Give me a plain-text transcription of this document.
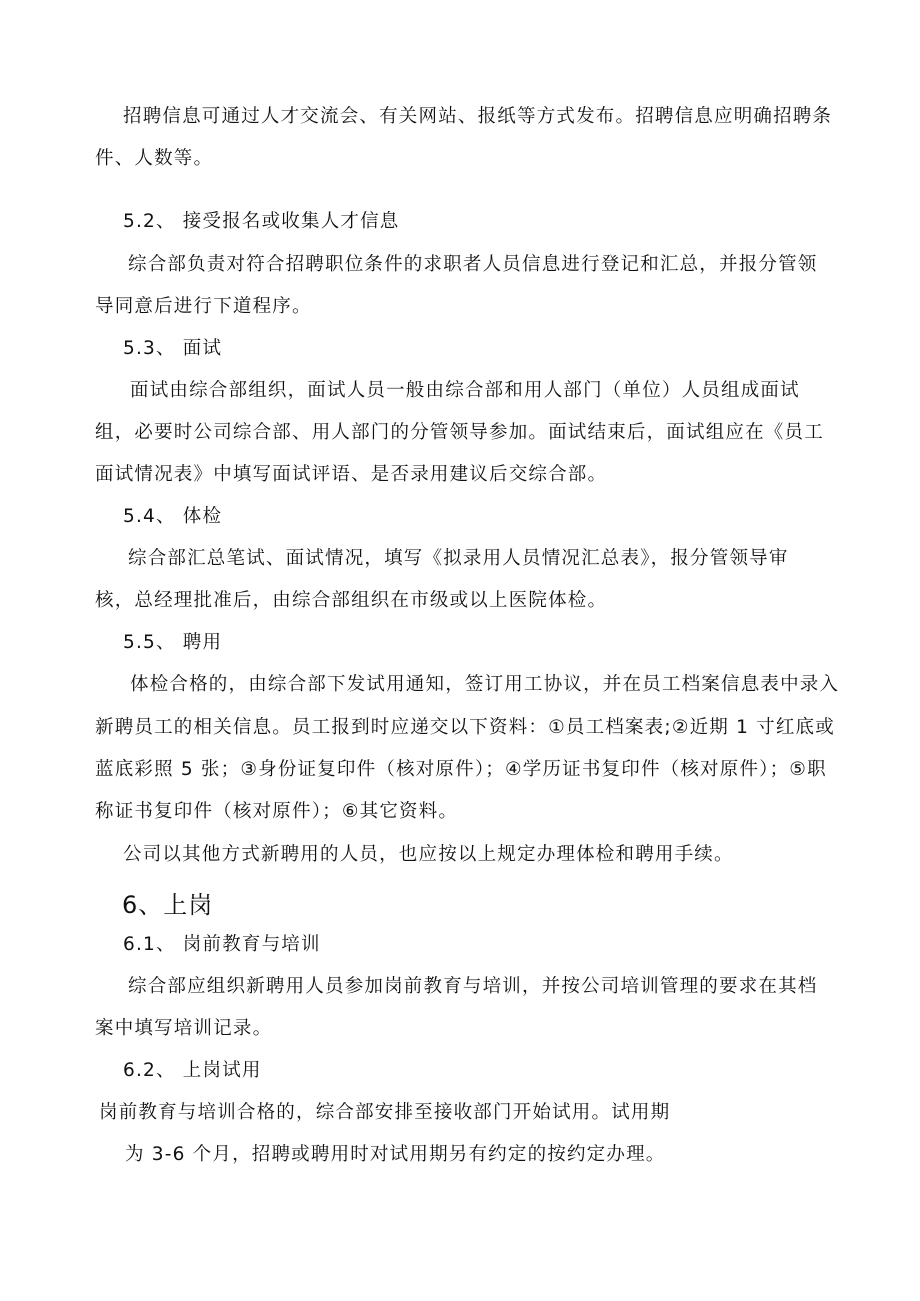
招聘信息可通过人才交流会、有关网站、报纸等方式发布。招聘信息应明确招聘条
件、人数等。
5.2、 接受报名或收集人才信息
综合部负责对符合招聘职位条件的求职者人员信息进行登记和汇总，并报分管领
导同意后进行下道程序。
5.3、 面试
面试由综合部组织，面试人员一般由综合部和用人部门（单位）人员组成面试
组，必要时公司综合部、用人部门的分管领导参加。面试结束后，面试组应在《员工
面试情况表》中填写面试评语、是否录用建议后交综合部。
5.4、 体检
综合部汇总笔试、面试情况，填写《拟录用人员情况汇总表》，报分管领导审
核，总经理批准后，由综合部组织在市级或以上医院体检。
5.5、 聘用
体检合格的，由综合部下发试用通知，签订用工协议，并在员工档案信息表中录入
新聘员工的相关信息。员工报到时应递交以下资料：①员工档案表;②近期 1 寸红底或
蓝底彩照 5 张；③身份证复印件（核对原件）；④学历证书复印件（核对原件）；⑤职
称证书复印件（核对原件）；⑥其它资料。
公司以其他方式新聘用的人员，也应按以上规定办理体检和聘用手续。
6、上岗
6.1、 岗前教育与培训
综合部应组织新聘用人员参加岗前教育与培训，并按公司培训管理的要求在其档
案中填写培训记录。
6.2、 上岗试用
岗前教育与培训合格的，综合部安排至接收部门开始试用。试用期
为 3-6 个月，招聘或聘用时对试用期另有约定的按约定办理。
